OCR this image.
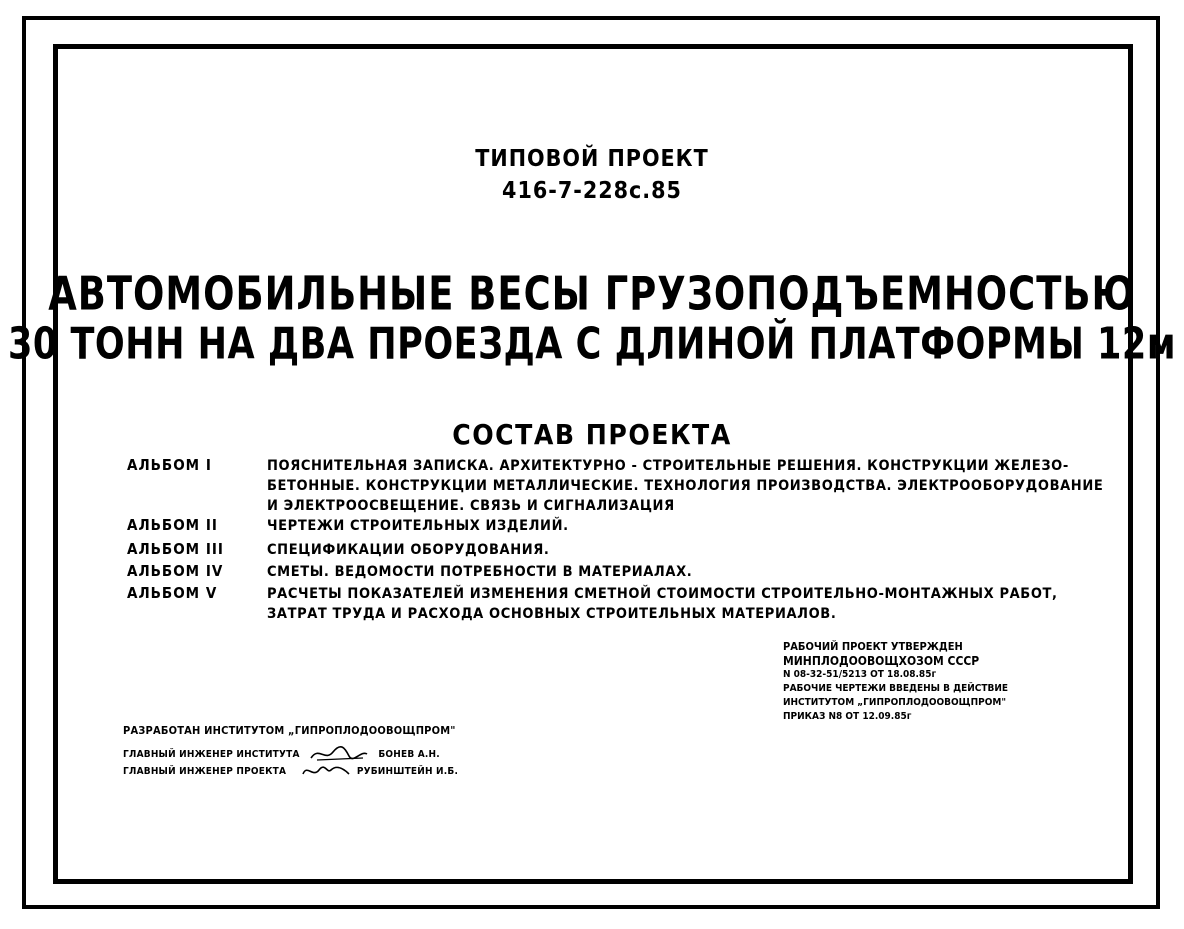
ТИПОВОЙ ПРОЕКТ
416-7-228с.85
АВТОМОБИЛЬНЫЕ ВЕСЫ ГРУЗОПОДЪЕМНОСТЬЮ
30 ТОНН НА ДВА ПРОЕЗДА С ДЛИНОЙ ПЛАТФОРМЫ 12м
СОСТАВ ПРОЕКТА
АЛЬБОМ I	ПОЯСНИТЕЛЬНАЯ ЗАПИСКА. АРХИТЕКТУРНО - СТРОИТЕЛЬНЫЕ РЕШЕНИЯ. КОНСТРУКЦИИ ЖЕЛЕЗО-
БЕТОННЫЕ. КОНСТРУКЦИИ МЕТАЛЛИЧЕСКИЕ. ТЕХНОЛОГИЯ ПРОИЗВОДСТВА. ЭЛЕКТРООБОРУДОВАНИЕ
И ЭЛЕКТРООСВЕЩЕНИЕ. СВЯЗЬ И СИГНАЛИЗАЦИЯ
АЛЬБОМ II	ЧЕРТЕЖИ СТРОИТЕЛЬНЫХ ИЗДЕЛИЙ.
АЛЬБОМ III	СПЕЦИФИКАЦИИ ОБОРУДОВАНИЯ.
АЛЬБОМ IV	СМЕТЫ. ВЕДОМОСТИ ПОТРЕБНОСТИ В МАТЕРИАЛАХ.
АЛЬБОМ V	РАСЧЕТЫ ПОКАЗАТЕЛЕЙ ИЗМЕНЕНИЯ СМЕТНОЙ СТОИМОСТИ СТРОИТЕЛЬНО-МОНТАЖНЫХ РАБОТ,
ЗАТРАТ ТРУДА И РАСХОДА ОСНОВНЫХ СТРОИТЕЛЬНЫХ МАТЕРИАЛОВ.
РАБОЧИЙ ПРОЕКТ УТВЕРЖДЕН
МИНПЛОДООВОЩХОЗОМ СССР
N 08-32-51/5213 ОТ 18.08.85г
РАБОЧИЕ ЧЕРТЕЖИ ВВЕДЕНЫ В ДЕЙСТВИЕ
ИНСТИТУТОМ „ГИПРОПЛОДООВОЩПРОМ"
ПРИКАЗ N8 ОТ 12.09.85г
РАЗРАБОТАН ИНСТИТУТОМ „ГИПРОПЛОДООВОЩПРОМ"
ГЛАВНЫЙ ИНЖЕНЕР ИНСТИТУТА	БОНЕВ А.Н.
ГЛАВНЫЙ ИНЖЕНЕР ПРОЕКТА	РУБИНШТЕЙН И.Б.
